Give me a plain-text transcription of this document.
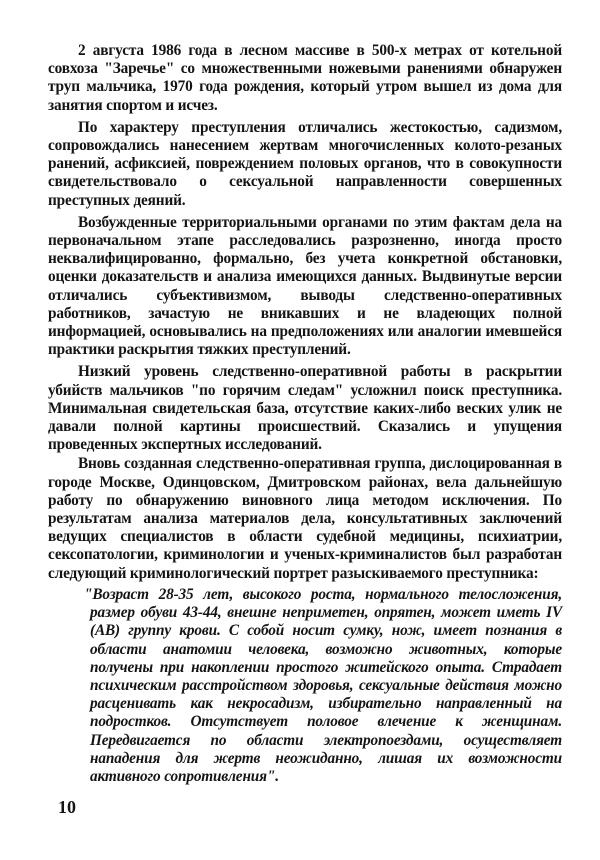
2 августа 1986 года в лесном массиве в 500-х метрах от котельной совхоза "Заречье" со множественными ножевыми ранениями обнаружен труп мальчика, 1970 года рождения, который утром вышел из дома для занятия спортом и исчез.

По характеру преступления отличались жестокостью, садизмом, сопровождались нанесением жертвам многочисленных колото-резаных ранений, асфиксией, повреждением половых органов, что в совокупности свидетельствовало о сексуальной направленности совершенных преступных деяний.

Возбужденные территориальными органами по этим фактам дела на первоначальном этапе расследовались разрозненно, иногда просто неквалифицированно, формально, без учета конкретной обстановки, оценки доказательств и анализа имеющихся данных. Выдвинутые версии отличались субъективизмом, выводы следственно-оперативных работников, зачастую не вникавших и не владеющих полной информацией, основывались на предположениях или аналогии имевшейся практики раскрытия тяжких преступлений.

Низкий уровень следственно-оперативной работы в раскрытии убийств мальчиков "по горячим следам" усложнил поиск преступника. Минимальная свидетельская база, отсутствие каких-либо веских улик не давали полной картины происшествий. Сказались и упущения проведенных экспертных исследований.

Вновь созданная следственно-оперативная группа, дислоцированная в городе Москве, Одинцовском, Дмитровском районах, вела дальнейшую работу по обнаружению виновного лица методом исключения. По результатам анализа материалов дела, консультативных заключений ведущих специалистов в области судебной медицины, психиатрии, сексопатологии, криминологии и ученых-криминалистов был разработан следующий криминологический портрет разыскиваемого преступника:

"Возраст 28-35 лет, высокого роста, нормального телосложения, размер обуви 43-44, внешне неприметен, опрятен, может иметь IV (АВ) группу крови. С собой носит сумку, нож, имеет познания в области анатомии человека, возможно животных, которые получены при накоплении простого житейского опыта. Страдает психическим расстройством здоровья, сексуальные действия можно расценивать как некросадизм, избирательно направленный на подростков. Отсутствует половое влечение к женщинам. Передвигается по области электропоездами, осуществляет нападения для жертв неожиданно, лишая их возможности активного сопротивления".

10
